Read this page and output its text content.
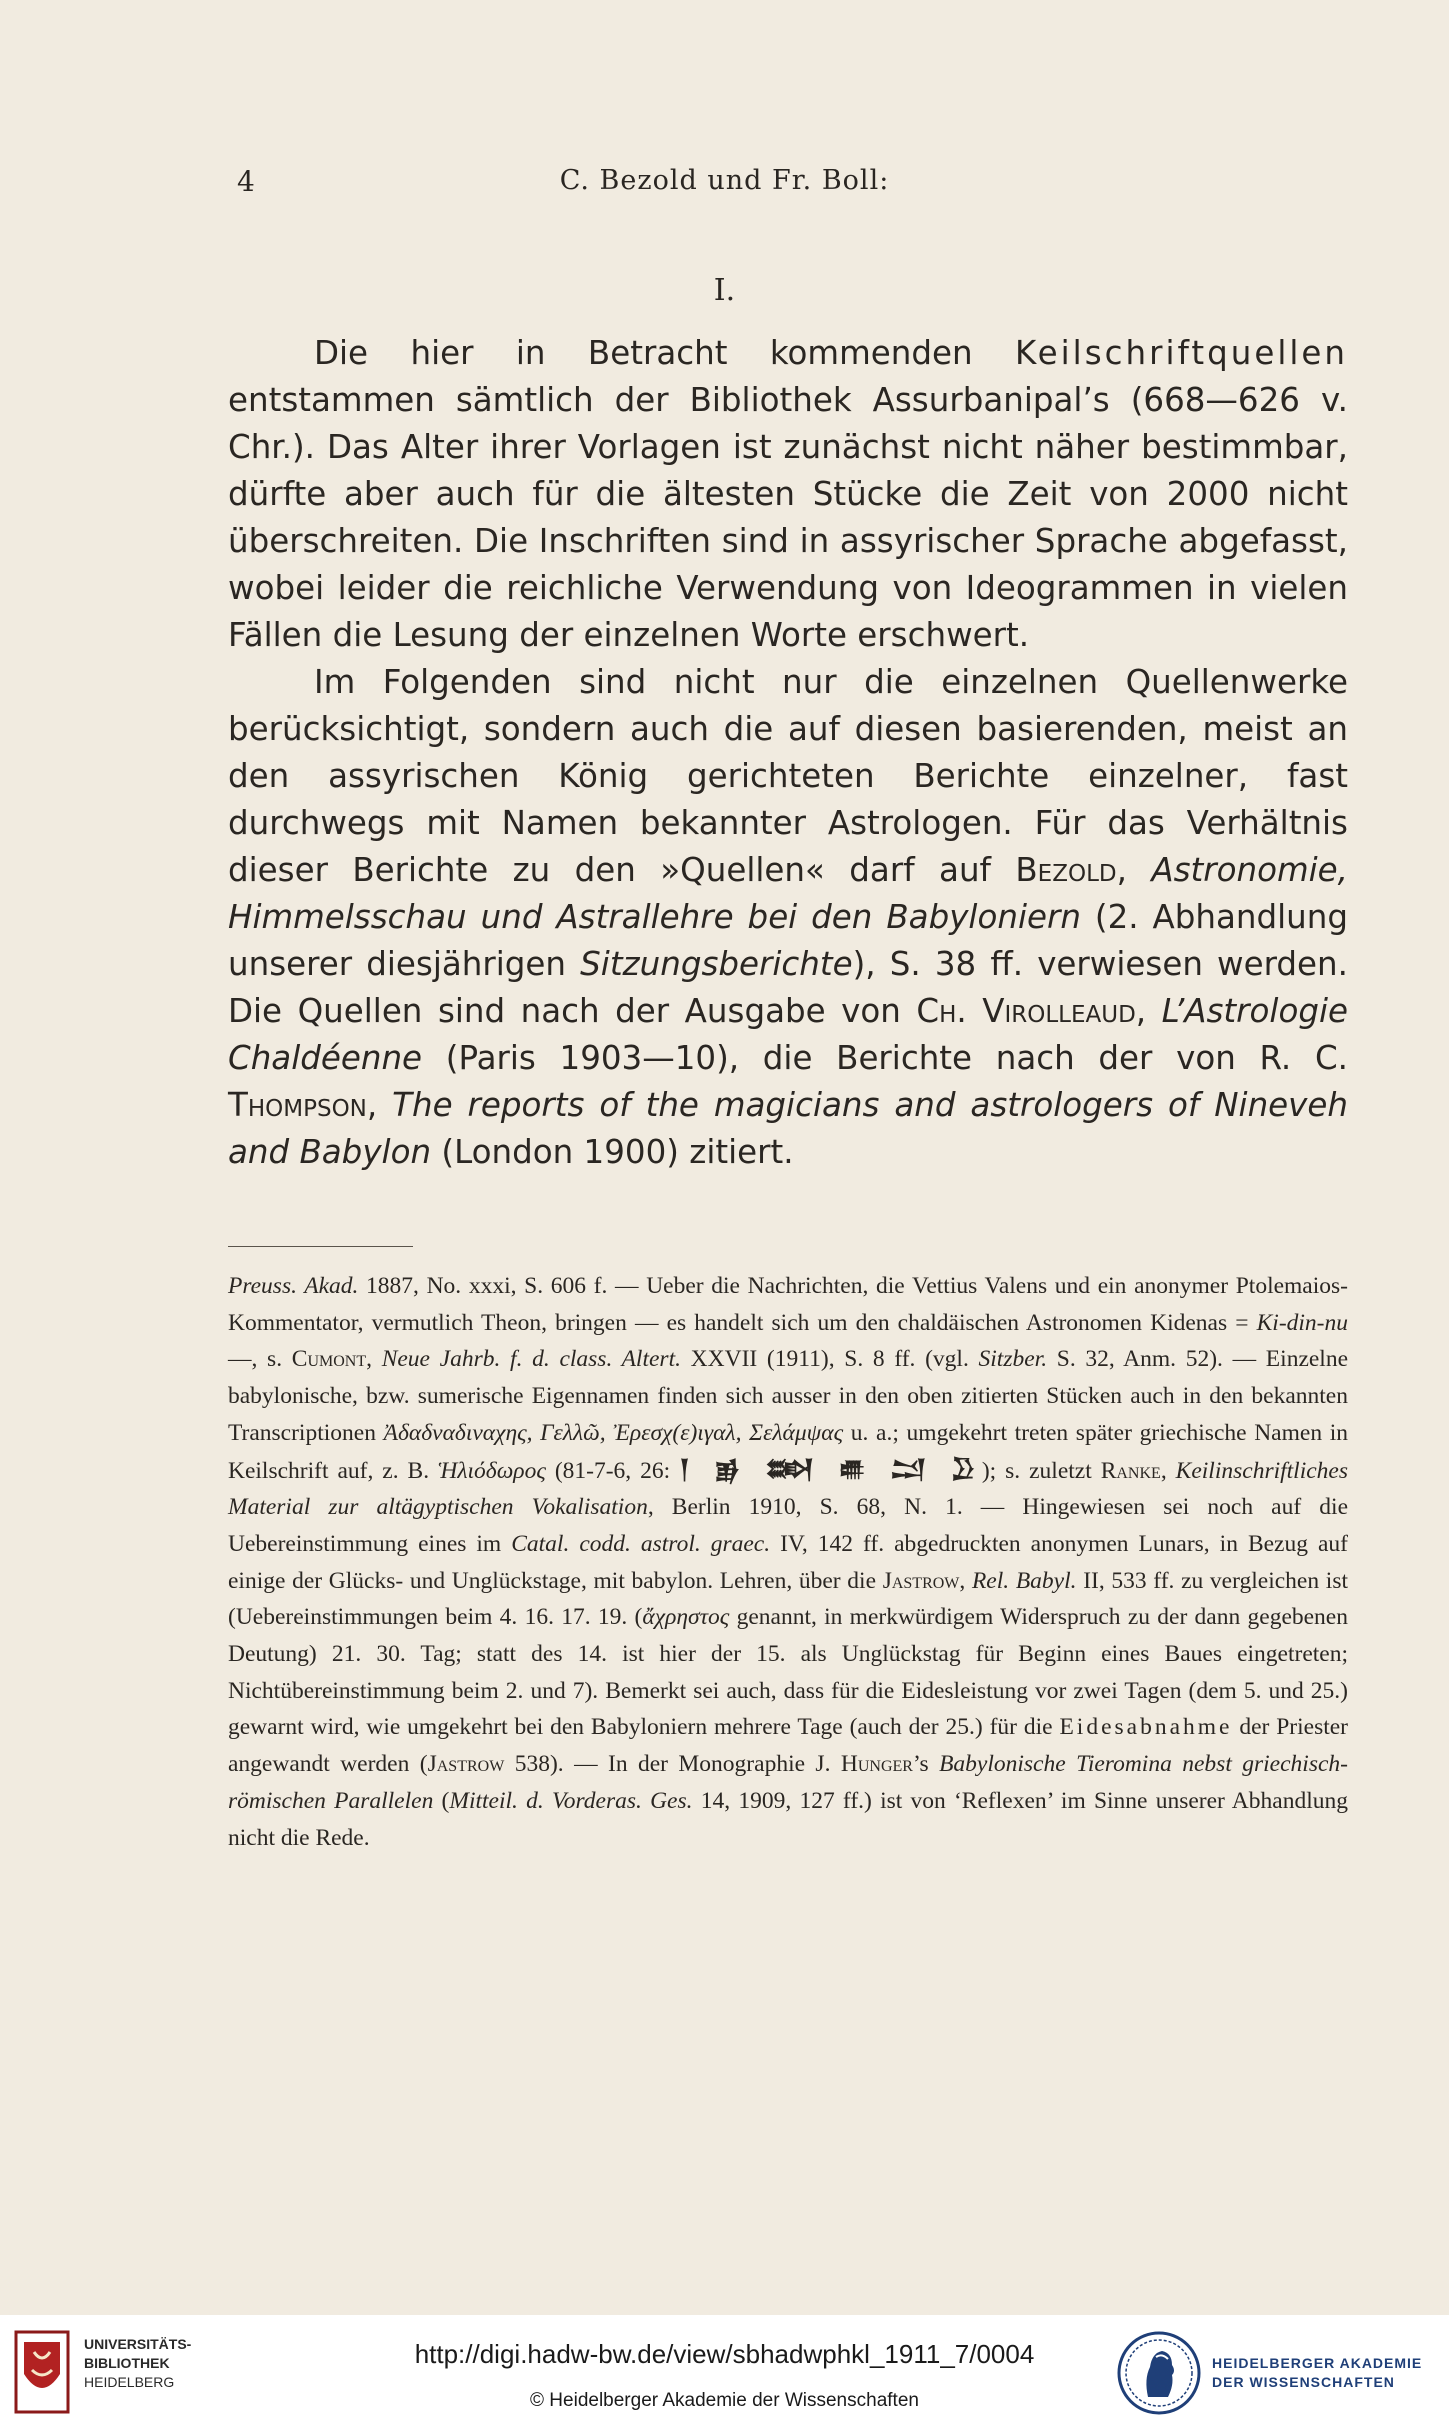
4	C. Bezold und Fr. Boll:
I.

Die hier in Betracht kommenden Keilschriftquellen entstammen sämtlich der Bibliothek Assurbanipal’s (668—626 v. Chr.). Das Alter ihrer Vorlagen ist zunächst nicht näher bestimmbar, dürfte aber auch für die ältesten Stücke die Zeit von 2000 nicht überschreiten. Die Inschriften sind in assyrischer Sprache abgefasst, wobei leider die reichliche Verwendung von Ideogrammen in vielen Fällen die Lesung der einzelnen Worte erschwert.

Im Folgenden sind nicht nur die einzelnen Quellenwerke berücksichtigt, sondern auch die auf diesen basierenden, meist an den assyrischen König gerichteten Berichte einzelner, fast durchwegs mit Namen bekannter Astrologen. Für das Verhältnis dieser Berichte zu den »Quellen« darf auf Bezold, Astronomie, Himmelsschau und Astrallehre bei den Babyloniern (2. Abhandlung unserer diesjährigen Sitzungsberichte), S. 38 ff. verwiesen werden. Die Quellen sind nach der Ausgabe von Ch. Virolleaud, L’Astrologie Chaldéenne (Paris 1903—10), die Berichte nach der von R. C. Thompson, The reports of the magicians and astrologers of Nineveh and Babylon (London 1900) zitiert.

Preuss. Akad. 1887, No. xxxi, S. 606 f. — Ueber die Nachrichten, die Vettius Valens und ein anonymer Ptolemaios-Kommentator, vermutlich Theon, bringen — es handelt sich um den chaldäischen Astronomen Kidenas = Ki-din-nu —, s. Cumont, Neue Jahrb. f. d. class. Altert. XXVII (1911), S. 8 ff. (vgl. Sitzber. S. 32, Anm. 52). — Einzelne babylonische, bzw. sumerische Eigennamen finden sich ausser in den oben zitierten Stücken auch in den bekannten Transcriptionen Ἀδαδναδιναχης, Γελλῶ, Ἐρεσχ(ε)ιγαλ, Σελάμψας u. a.; umgekehrt treten später griechische Namen in Keilschrift auf, z. B. Ἡλιόδωρος (81-7-6, 26: 𒁹 𒂊 𒇷 𒌑 𒁺 𒊒); s. zuletzt Ranke, Keilinschriftliches Material zur altägyptischen Vokalisation, Berlin 1910, S. 68, N. 1. — Hingewiesen sei noch auf die Uebereinstimmung eines im Catal. codd. astrol. graec. IV, 142 ff. abgedruckten anonymen Lunars, in Bezug auf einige der Glücks- und Unglückstage, mit babylon. Lehren, über die Jastrow, Rel. Babyl. II, 533 ff. zu vergleichen ist (Uebereinstimmungen beim 4. 16. 17. 19. (ἄχρηστος genannt, in merkwürdigem Widerspruch zu der dann gegebenen Deutung) 21. 30. Tag; statt des 14. ist hier der 15. als Unglückstag für Beginn eines Baues eingetreten; Nichtübereinstimmung beim 2. und 7). Bemerkt sei auch, dass für die Eidesleistung vor zwei Tagen (dem 5. und 25.) gewarnt wird, wie umgekehrt bei den Babyloniern mehrere Tage (auch der 25.) für die Eidesabnahme der Priester angewandt werden (Jastrow 538). — In der Monographie J. Hunger’s Babylonische Tieromina nebst griechisch-römischen Parallelen (Mitteil. d. Vorderas. Ges. 14, 1909, 127 ff.) ist von ‘Reflexen’ im Sinne unserer Abhandlung nicht die Rede.

UNIVERSITÄTS-
BIBLIOTHEK
HEIDELBERG
http://digi.hadw-bw.de/view/sbhadwphkl_1911_7/0004
© Heidelberger Akademie der Wissenschaften
HEIDELBERGER AKADEMIE
DER WISSENSCHAFTEN
